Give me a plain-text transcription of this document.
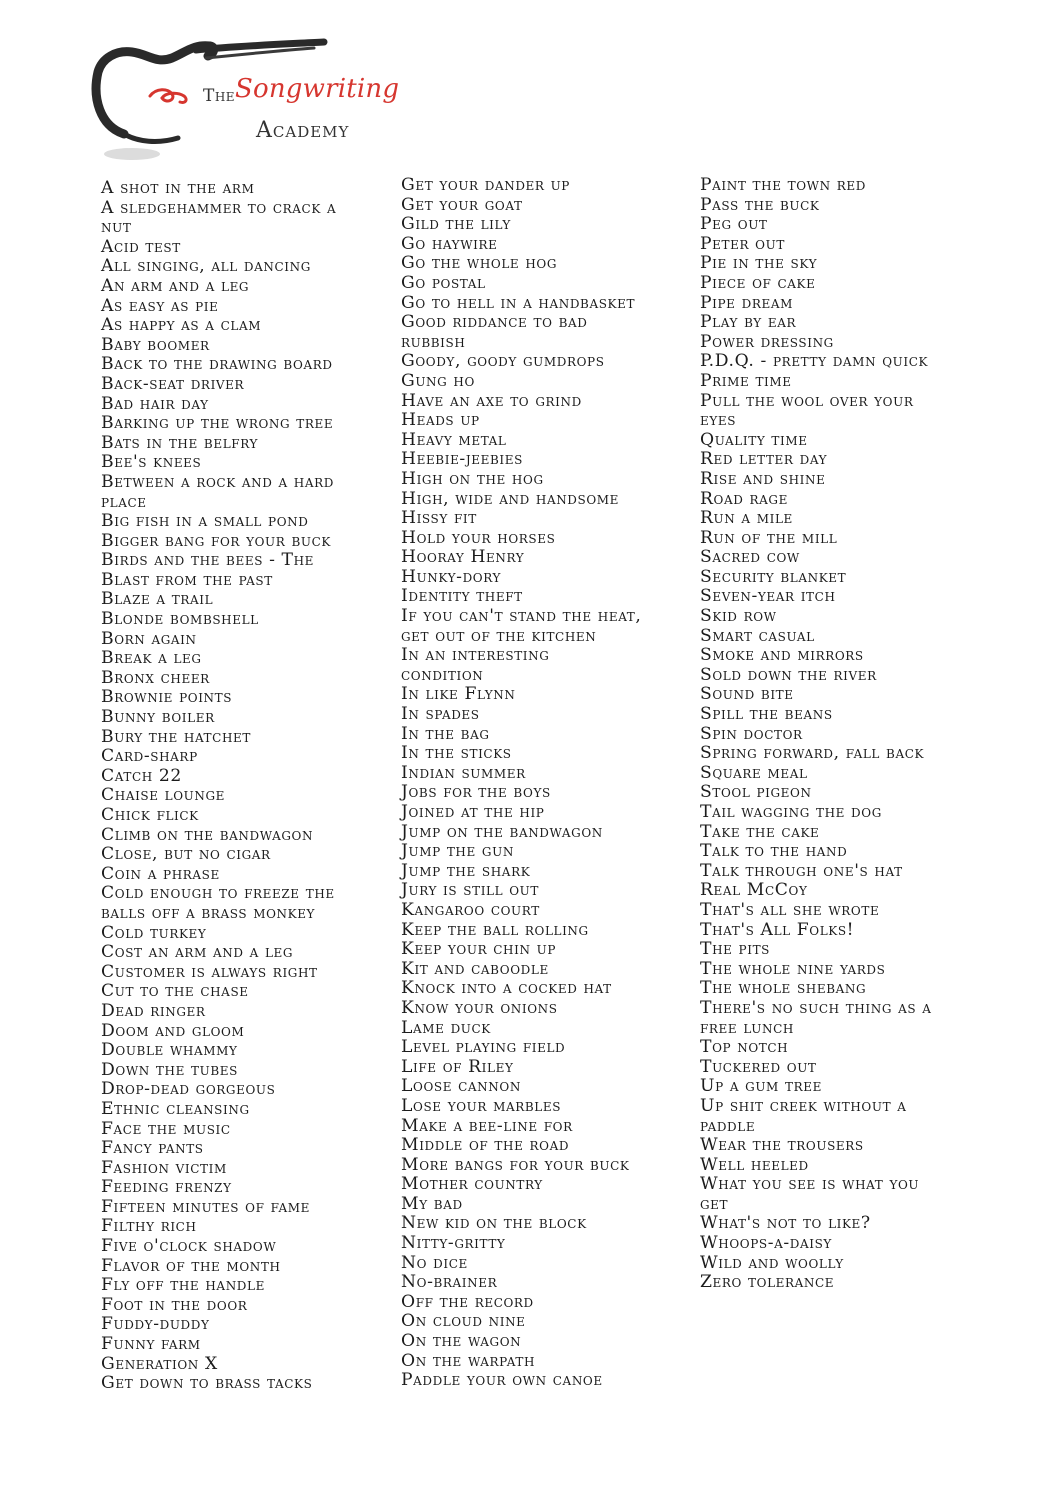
The Songwriting
Academy
A shot in the arm
A sledgehammer to crack a
nut
Acid test
All singing, all dancing
An arm and a leg
As easy as pie
As happy as a clam
Baby boomer
Back to the drawing board
Back-seat driver
Bad hair day
Barking up the wrong tree
Bats in the belfry
Bee's knees
Between a rock and a hard
place
Big fish in a small pond
Bigger bang for your buck
Birds and the bees - The
Blast from the past
Blaze a trail
Blonde bombshell
Born again
Break a leg
Bronx cheer
Brownie points
Bunny boiler
Bury the hatchet
Card-sharp
Catch 22
Chaise lounge
Chick flick
Climb on the bandwagon
Close, but no cigar
Coin a phrase
Cold enough to freeze the
balls off a brass monkey
Cold turkey
Cost an arm and a leg
Customer is always right
Cut to the chase
Dead ringer
Doom and gloom
Double whammy
Down the tubes
Drop-dead gorgeous
Ethnic cleansing
Face the music
Fancy pants
Fashion victim
Feeding frenzy
Fifteen minutes of fame
Filthy rich
Five o'clock shadow
Flavor of the month
Fly off the handle
Foot in the door
Fuddy-duddy
Funny farm
Generation X
Get down to brass tacks
Get your dander up
Get your goat
Gild the lily
Go haywire
Go the whole hog
Go postal
Go to hell in a handbasket
Good riddance to bad
rubbish
Goody, goody gumdrops
Gung ho
Have an axe to grind
Heads up
Heavy metal
Heebie-jeebies
High on the hog
High, wide and handsome
Hissy fit
Hold your horses
Hooray Henry
Hunky-dory
Identity theft
If you can't stand the heat,
get out of the kitchen
In an interesting
condition
In like Flynn
In spades
In the bag
In the sticks
Indian summer
Jobs for the boys
Joined at the hip
Jump on the bandwagon
Jump the gun
Jump the shark
Jury is still out
Kangaroo court
Keep the ball rolling
Keep your chin up
Kit and caboodle
Knock into a cocked hat
Know your onions
Lame duck
Level playing field
Life of Riley
Loose cannon
Lose your marbles
Make a bee-line for
Middle of the road
More bangs for your buck
Mother country
My bad
New kid on the block
Nitty-gritty
No dice
No-brainer
Off the record
On cloud nine
On the wagon
On the warpath
Paddle your own canoe
Paint the town red
Pass the buck
Peg out
Peter out
Pie in the sky
Piece of cake
Pipe dream
Play by ear
Power dressing
P.D.Q. - pretty damn quick
Prime time
Pull the wool over your
eyes
Quality time
Red letter day
Rise and shine
Road rage
Run a mile
Run of the mill
Sacred cow
Security blanket
Seven-year itch
Skid row
Smart casual
Smoke and mirrors
Sold down the river
Sound bite
Spill the beans
Spin doctor
Spring forward, fall back
Square meal
Stool pigeon
Tail wagging the dog
Take the cake
Talk to the hand
Talk through one's hat
Real McCoy
That's all she wrote
That's All Folks!
The pits
The whole nine yards
The whole shebang
There's no such thing as a
free lunch
Top notch
Tuckered out
Up a gum tree
Up shit creek without a
paddle
Wear the trousers
Well heeled
What you see is what you
get
What's not to like?
Whoops-a-daisy
Wild and woolly
Zero tolerance
